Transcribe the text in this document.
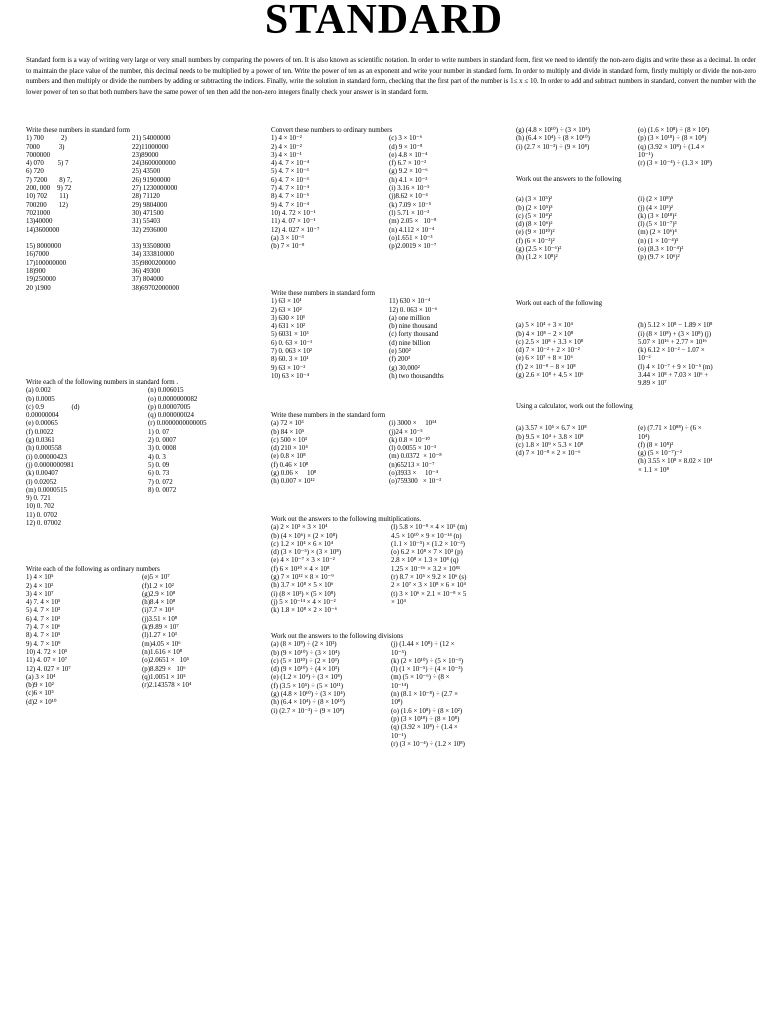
STANDARD
Standard form is a way of writing very large or very small numbers by comparing the powers of ten. It is also known as scientific notation. In order to write numbers in standard form, first we need to identify the non-zero digits and write these as a decimal. In order to maintain the place value of the number, this decimal needs to be multiplied by a power of ten. Write the power of ten as an exponent and write your number in standard form. In order to multiply and divide in standard form, firstly multiply or divide the non-zero numbers and then multiply or divide the numbers by adding or subtracting the indices. Finally, write the solution in standard form, checking that the first part of the number is 1≤ x ≤ 10. In order to add and subtract numbers in standard, convert the number with the lower power of ten so that both numbers have the same power of ten then add the non-zero integers finally check your answer is in standard form.
Write these numbers in standard form
1) 700          2)
7000           3)
7000000
4) 070        5) 7
6) 720
7) 7200       8) 7,
200, 000    9) 72
10) 702       11)
700200       12)
7021000
13)40000
14)3600000

15) 8000000
16)7000
17)100000000
18)900
19)250000
20 )1900
21) 54000000
22)11000000
23)89000
24)3600000000
25) 43500
26) 91900000
27) 1230000000
28) 71120
29) 9804000
30) 471500
31) 55403
32) 2936000

33) 93508000
34) 333810000
35)9800200000
36) 49300
37) 804000
38)69702000000

Write each of the following numbers in standard form .
(a) 0.002
(b) 0.0005
(c) 0.9                (d)
0.00000004
(e) 0.00065
(f) 0.0022
(g) 0.0361
(h) 0.000558
(i) 0.00000423
(j) 0.0000000981
(k) 0.00407
(l) 0.02052
(m) 0.0000515
9) 0. 721
10) 0. 702
11) 0. 0702
12) 0. 07002
(n) 0.006015
(o) 0.0000000082
(p) 0.00007005
(q) 0.000000024
(r) 0.0000000000005
1) 0. 07
2) 0. 0007
3) 0. 0008
4) 0. 3
5) 0. 09
6) 0. 73
7) 0. 072
8) 0. 0072

Write each of the following as ordinary numbers
1) 4 × 10⁵
2) 4 × 10²
3) 4 × 10⁷
4) 7. 4 × 10⁵
5) 4. 7 × 10³
6) 4. 7 × 10³
7) 4. 7 × 10⁶
8) 4. 7 × 10⁵
9) 4. 7 × 10⁹
10) 4. 72 × 10⁵
11) 4. 07 × 10⁷
12) 4. 027 × 10⁷
(a) 3 × 10⁴
(b)9 × 10²
(c)6 × 10⁵
(d)2 × 10¹⁰
(e)5 × 10⁷
(f)1.2 × 10²
(g)2.9 × 10⁸
(h)8.4 × 10⁸
(i)7.7 × 10⁴
(j)3.51 × 10⁸
(k)9.89 × 10⁷
(l)1.27 × 10³
(m)4.05 × 10⁶
(n)1.616 × 10⁸
(o)2.0651 ×   10⁵
(p)8.829 ×   10⁶
(q)1.0051 × 10⁵
(r)2.143578 × 10⁴

Convert these numbers to ordinary numbers
1) 4 × 10⁻²
2) 4 × 10⁻²
3) 4 × 10⁻¹
4) 4. 7 × 10⁻⁴
5) 4. 7 × 10⁻³
6) 4. 7 × 10⁻³
7) 4. 7 × 10⁻⁴
8) 4. 7 × 10⁻⁵
9) 4. 7 × 10⁻⁴
10) 4. 72 × 10⁻¹
11) 4. 07 × 10⁻¹
12) 4. 027 × 10⁻⁷
(a) 3 × 10⁻³
(b) 7 × 10⁻⁸
(c) 3 × 10⁻⁶
(d) 9 × 10⁻⁸
(e) 4.8 × 10⁻⁴
(f) 6.7 × 10⁻²
(g) 9.2 × 10⁻⁶
(h) 4.1 × 10⁻³
(i) 3.16 × 10⁻⁵
(j)8.62 × 10⁻⁴
(k) 7.09 × 10⁻⁵
(l) 5.71 × 10⁻³
(m) 2.05 ×   10⁻⁸
(n) 4.112 × 10⁻⁴
(o)1.651 × 10⁻³
(p)2.0019 × 10⁻⁷
Write these numbers in standard form
1) 63 × 10¹
2) 63 × 10²
3) 630 × 10¹
4) 631 × 10²
5) 6031 × 10³
6) 0. 63 × 10⁻¹
7) 0. 063 × 10²
8) 60. 3 × 10¹
9) 63 × 10⁻²
10) 63 × 10⁻⁴
11) 630 × 10⁻⁴
12) 0. 063 × 10⁻⁶
(a) one million
(b) nine thousand
(c) forty thousand
(d) nine billion
(e) 500²
(f) 200³
(g) 30,000²
(h) two thousandths
Write these numbers in the standard form
(a) 72 × 10³
(b) 84 × 10⁵
(c) 500 × 10³
(d) 210 × 10⁴
(e) 0.8 × 10⁸
(f) 0.46 × 10⁸
(g) 0.06 ×     10⁸
(h) 0.007 × 10¹²
(i) 3000 ×     10¹⁴
(j)24 × 10⁻⁵
(k) 0.8 × 10⁻¹⁰
(l) 0.0055 × 10⁻³
(m) 0.0372  × 10⁻⁸
(n)65213 × 10⁻⁷
(o)3933 ×     10⁻⁴
(o)759300   × 10⁻³
Work out the answers to the following multiplications.
(a) 2 × 10³ × 3 × 10⁴
(b) (4 × 10⁶) × (2 × 10⁸)
(c) 1.2 × 10⁴ × 6 × 10⁴
(d) (3 × 10⁻⁵) × (3 × 10⁸)
(e) 4 × 10⁻⁷ × 3 × 10⁻²
(f) 6 × 10¹⁰ × 4 × 10⁸
(g) 7 × 10¹² × 8 × 10⁻⁹
(h) 3.7 × 10⁸ × 5 × 10⁶
(i) (8 × 10³) × (5 × 10⁸)
(j) 5 × 10⁻¹⁴ × 4 × 10⁻²
(k) 1.8 × 10⁸ × 2 × 10⁻⁶
(l) 5.8 × 10⁻⁸ × 4 × 10⁵ (m)
4.5 × 10¹⁰ × 9 × 10⁻¹⁴ (n)
(1.1 × 10⁻⁵) × (1.2 × 10⁻³)
(o) 6.2 × 10⁸ × 7 × 10³ (p)
2.8 × 10⁸ × 1.3 × 10⁸ (q)
1.25 × 10⁻¹⁶ × 3.2 × 10⁸¹
(r) 8.7 × 10⁵ × 9.2 × 10⁶ (s)
2 × 10⁷ × 3 × 10⁸ × 6 × 10⁴
(t) 3 × 10⁶ × 2.1 × 10⁻⁸ × 5
× 10⁴

Work out the answers to the following divisions
(a) (8 × 10⁸) ÷ (2 × 10³)
(b) (9 × 10¹⁰) ÷ (3 × 10⁴)
(c) (5 × 10¹⁰) ÷ (2 × 10³)
(d) (9 × 10¹⁰) ÷ (4 × 10³)
(e) (1.2 × 10⁴) ÷ (3 × 10⁸)
(f) (3.5 × 10⁵) ÷ (5 × 10¹¹)
(g) (4.8 × 10¹⁰) ÷ (3 × 10⁴)
(h) (6.4 × 10⁴) ÷ (8 × 10¹⁰)
(i) (2.7 × 10⁻³) ÷ (9 × 10⁸)

(j) (1.44 × 10⁸) ÷ (12 ×
10⁻⁵)
(k) (2 × 10¹⁰) ÷ (5 × 10⁻³)
(l) (1 × 10⁻⁵) ÷ (4 × 10⁻³)
(m) (5 × 10⁻⁶) ÷ (8 ×
10⁻¹⁴)
(n) (8.1 × 10⁻⁸) ÷ (2.7 ×
10⁸)
(o) (1.6 × 10⁸) ÷ (8 × 10²)
(p) (3 × 10¹⁸) ÷ (8 × 10⁸)
(q) (3.92 × 10⁸) ÷ (1.4 ×
10⁻¹)
(r) (3 × 10⁻⁴) ÷ (1.2 × 10⁸)

(g) (4.8 × 10¹⁰) ÷ (3 × 10⁴)
(h) (6.4 × 10⁴) ÷ (8 × 10¹⁰)
(i) (2.7 × 10⁻³) ÷ (9 × 10⁸)

(o) (1.6 × 10⁸) ÷ (8 × 10²)
(p) (3 × 10¹⁸) ÷ (8 × 10⁸)
(q) (3.92 × 10⁸) ÷ (1.4 ×
10⁻¹)
(r) (3 × 10⁻⁴) ÷ (1.3 × 10⁸)
Work out the answers to the following
(a) (3 × 10⁵)²
(b) (2 × 10⁵)³
(c) (5 × 10⁴)²
(d) (8 × 10⁶)²
(e) (9 × 10¹⁰)²
(f) (6 × 10⁻³)²
(g) (2.5 × 10⁻⁶)²
(h) (1.2 × 10⁸)²
(i) (2 × 10⁸)⁵
(j) (4 × 10⁵)²
(k) (3 × 10¹⁸)²
(l) (5 × 10⁻⁷)³
(m) (2 × 10⁶)⁴
(n) (1 × 10⁻⁴)⁵
(o) (8.3 × 10⁻⁴)²
(p) (9.7 × 10⁶)²
Work out each of the following
(a) 5 × 10⁴ + 3 × 10⁴
(b) 4 × 10⁸ − 2 × 10⁸
(c) 2.5 × 10⁸ + 3.3 × 10⁸
(d) 7 × 10⁻² + 2 × 10⁻²
(e) 6 × 10⁷ + 8 × 10⁶
(f) 2 × 10⁻⁸ − 8 × 10⁸
(g) 2.6 × 10⁸ + 4.5 × 10⁶

(h) 5.12 × 10⁸ − 1.89 × 10⁸
(i) (8 × 10⁸) + (3 × 10⁸) (j)
5.07 × 10¹⁶ + 2.77 × 10¹⁶
(k) 6.12 × 10⁻² − 1.07 ×
10⁻²
(l) 4 × 10⁻⁷ + 9 × 10⁻⁵ (m)
3.44 × 10⁸ + 7.03 × 10⁶ +
9.89 × 10⁷
Using a calculator, work out the following
(a) 3.57 × 10⁵ × 6.7 × 10⁸
(b) 9.5 × 10⁴ + 3.8 × 10⁸
(c) 1.8 × 10⁹ × 5.3 × 10⁸
(d) 7 × 10⁻⁸ × 2 × 10⁻⁶

(e) (7.71 × 10⁸⁸) ÷ (6 ×
10⁴)
(f) (8 × 10⁸)²
(g) (5 × 10⁻⁷)⁻²
(h) 3.55 × 10⁸ × 8.02 × 10⁴
× 1.1 × 10⁸
